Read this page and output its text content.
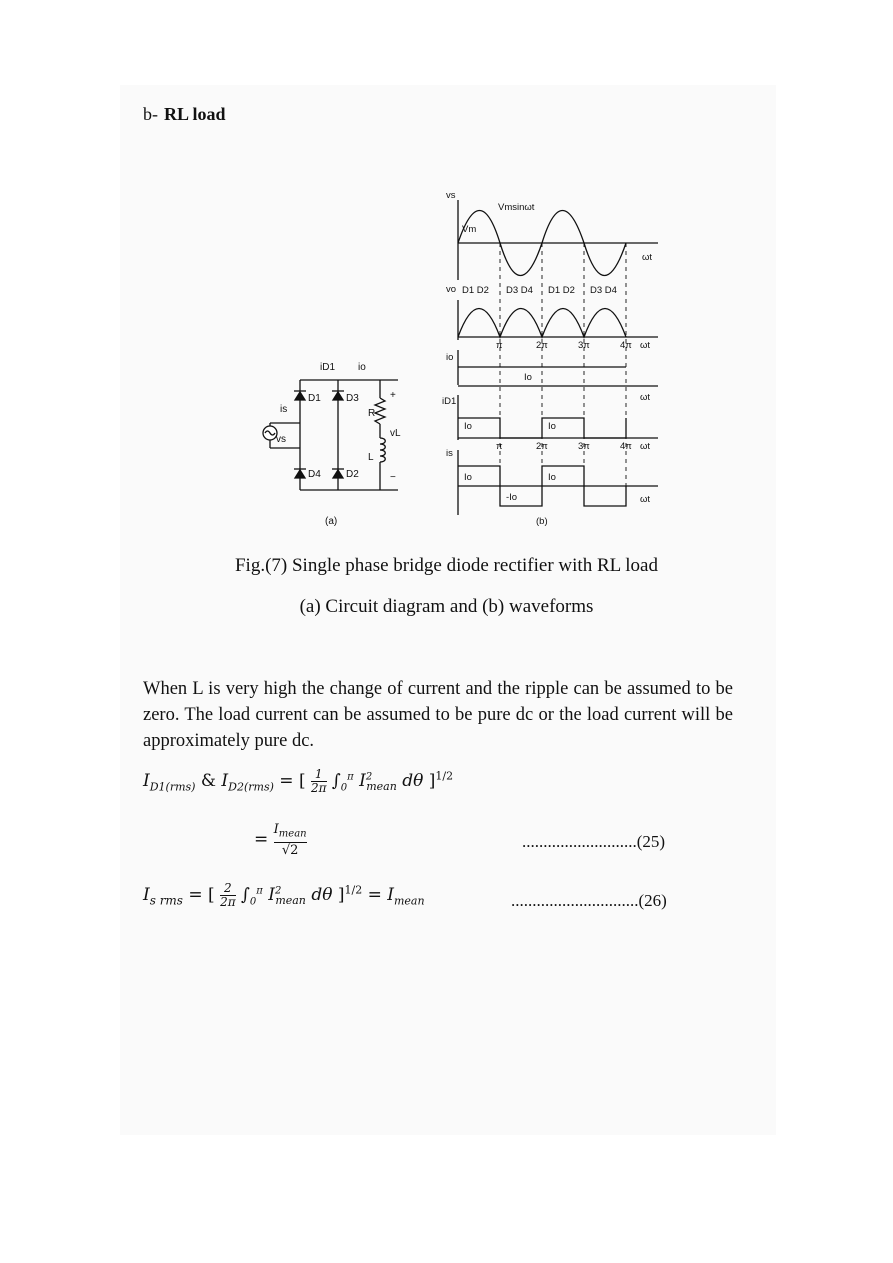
b- RL load
iD1 io
is
vs
D1	D3
D4	D2
R
L
vL
+
−
(a)
vs
Vmsinωt
Vm
ωt
vo D1 D2 D3 D4 D1 D2 D3 D4
π	2π	3π	4π ωt
io
Io
ωt
iD1
Io	Io
π	2π	3π	4π ωt
is
Io	Io
-Io	ωt
(b)
Fig.(7) Single phase bridge diode rectifier with RL load
(a) Circuit diagram and (b) waveforms
When L is very high the change of current and the ripple can be assumed to be zero. The load current can be assumed to be pure dc or the load current will be approximately pure dc.
$I_{D1(rms)}$ & $I_{D2(rms)}$ = [ $\frac{1}{2\pi} \int_0^\pi$ $I^2_{mean}$ dθ ]$^{1/2}$
= $I_{mean}$
√2	...........................(25)
$I_{s rms}$ = [ $\frac{2}{2\pi} \int_0^\pi$ $I^2_{mean}$ dθ ]$^{1/2} = I_{mean}$	..............................(26)
